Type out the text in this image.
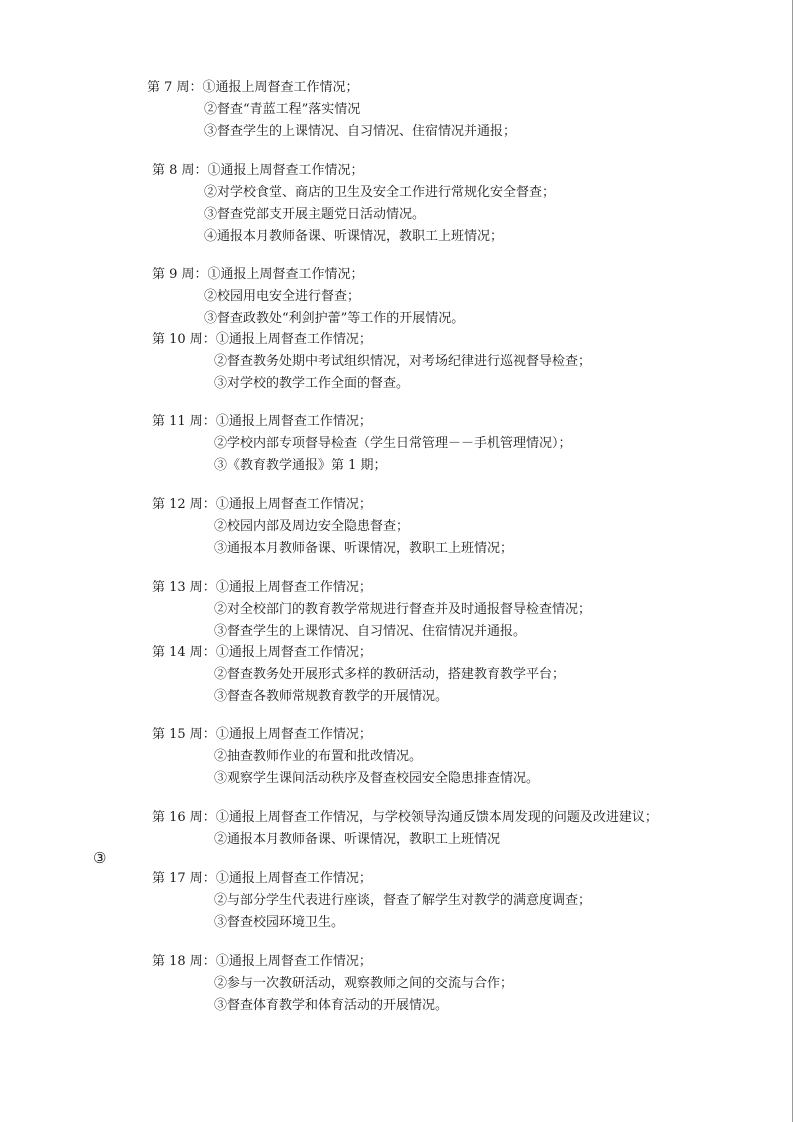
第 7 周：①通报上周督查工作情况；
②督查“青蓝工程”落实情况
③督查学生的上课情况、自习情况、住宿情况并通报；
第 8 周：①通报上周督查工作情况；
②对学校食堂、商店的卫生及安全工作进行常规化安全督查；
③督查党部支开展主题党日活动情况。
④通报本月教师备课、听课情况，教职工上班情况；
第 9 周：①通报上周督查工作情况；
②校园用电安全进行督查；
③督查政教处“利剑护蕾”等工作的开展情况。
第 10 周：①通报上周督查工作情况；
②督查教务处期中考试组织情况，对考场纪律进行巡视督导检查；
③对学校的教学工作全面的督查。
第 11 周：①通报上周督查工作情况；
②学校内部专项督导检查（学生日常管理－－手机管理情况）；
③《教育教学通报》第 1 期；
第 12 周：①通报上周督查工作情况；
②校园内部及周边安全隐患督查；
③通报本月教师备课、听课情况，教职工上班情况；
第 13 周：①通报上周督查工作情况；
②对全校部门的教育教学常规进行督查并及时通报督导检查情况；
③督查学生的上课情况、自习情况、住宿情况并通报。
第 14 周：①通报上周督查工作情况；
②督查教务处开展形式多样的教研活动，搭建教育教学平台；
③督查各教师常规教育教学的开展情况。
第 15 周：①通报上周督查工作情况；
②抽查教师作业的布置和批改情况。
③观察学生课间活动秩序及督查校园安全隐患排查情况。
第 16 周：①通报上周督查工作情况，与学校领导沟通反馈本周发现的问题及改进建议；
②通报本月教师备课、听课情况，教职工上班情况
③
第 17 周：①通报上周督查工作情况；
②与部分学生代表进行座谈，督查了解学生对教学的满意度调查；
③督查校园环境卫生。
第 18 周：①通报上周督查工作情况；
②参与一次教研活动，观察教师之间的交流与合作；
③督查体育教学和体育活动的开展情况。
